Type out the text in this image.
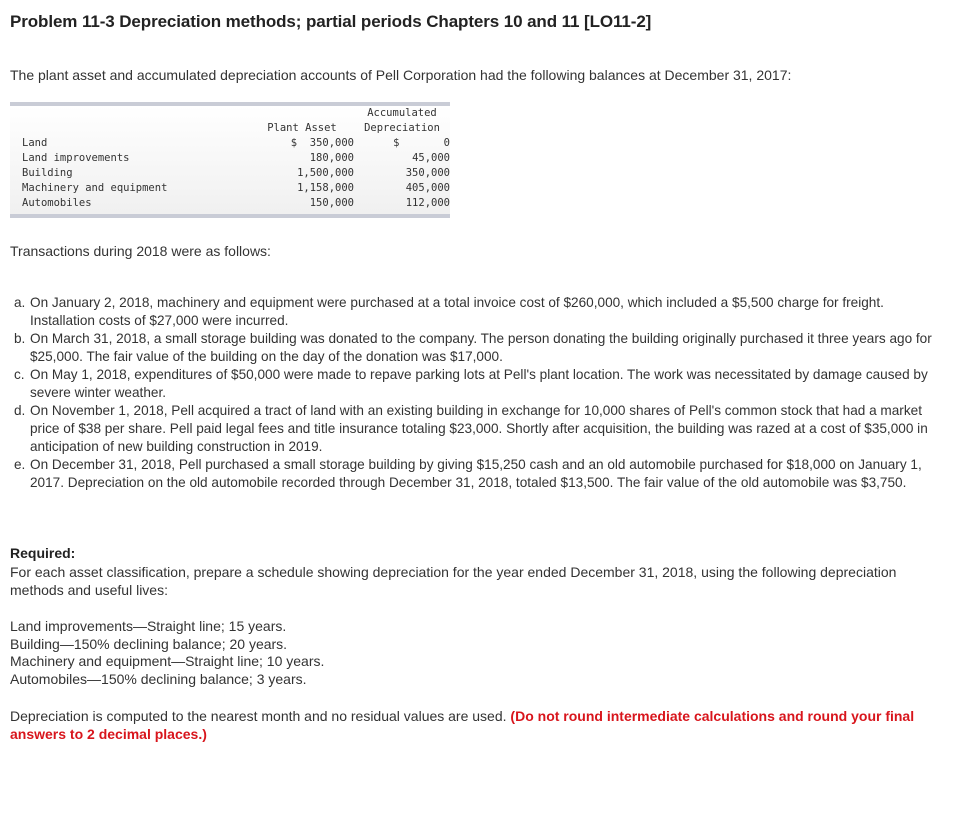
Problem 11-3 Depreciation methods; partial periods Chapters 10 and 11 [LO11-2]
The plant asset and accumulated depreciation accounts of Pell Corporation had the following balances at December 31, 2017:
		Accumulated
	Plant Asset	Depreciation
Land	$  350,000	$       0
Land improvements	180,000	45,000
Building	1,500,000	350,000
Machinery and equipment	1,158,000	405,000
Automobiles	150,000	112,000
Transactions during 2018 were as follows:
a. On January 2, 2018, machinery and equipment were purchased at a total invoice cost of $260,000, which included a $5,500 charge for freight. Installation costs of $27,000 were incurred.
b. On March 31, 2018, a small storage building was donated to the company. The person donating the building originally purchased it three years ago for $25,000. The fair value of the building on the day of the donation was $17,000.
c. On May 1, 2018, expenditures of $50,000 were made to repave parking lots at Pell's plant location. The work was necessitated by damage caused by severe winter weather.
d. On November 1, 2018, Pell acquired a tract of land with an existing building in exchange for 10,000 shares of Pell's common stock that had a market price of $38 per share. Pell paid legal fees and title insurance totaling $23,000. Shortly after acquisition, the building was razed at a cost of $35,000 in anticipation of new building construction in 2019.
e. On December 31, 2018, Pell purchased a small storage building by giving $15,250 cash and an old automobile purchased for $18,000 on January 1, 2017. Depreciation on the old automobile recorded through December 31, 2018, totaled $13,500. The fair value of the old automobile was $3,750.
Required:
For each asset classification, prepare a schedule showing depreciation for the year ended December 31, 2018, using the following depreciation methods and useful lives:
Land improvements—Straight line; 15 years.
Building—150% declining balance; 20 years.
Machinery and equipment—Straight line; 10 years.
Automobiles—150% declining balance; 3 years.
Depreciation is computed to the nearest month and no residual values are used. (Do not round intermediate calculations and round your final answers to 2 decimal places.)
